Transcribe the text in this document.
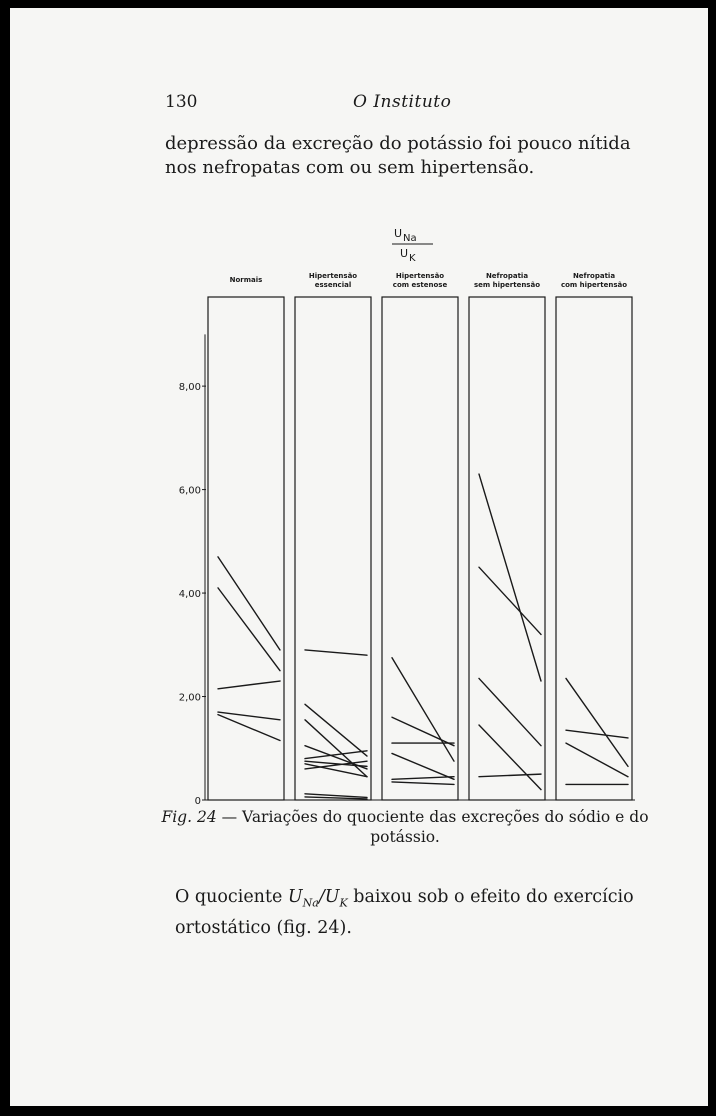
130	O Instituto
depressão da excreção do potássio foi pouco nítida nos nefropatas com ou sem hipertensão.
U Na
U K
0
2,00
4,00
6,00
8,00
Normais	Hipertensão
essencial
Hipertensão
com estenose
Nefropatia
sem hipertensão
Nefropatia
com hipertensão
Fig. 24 — Variações do quociente das excreções do sódio e do potássio.
O quociente $U_{Na}/U_K$ baixou sob o efeito do exercício ortostático (fig. 24).
